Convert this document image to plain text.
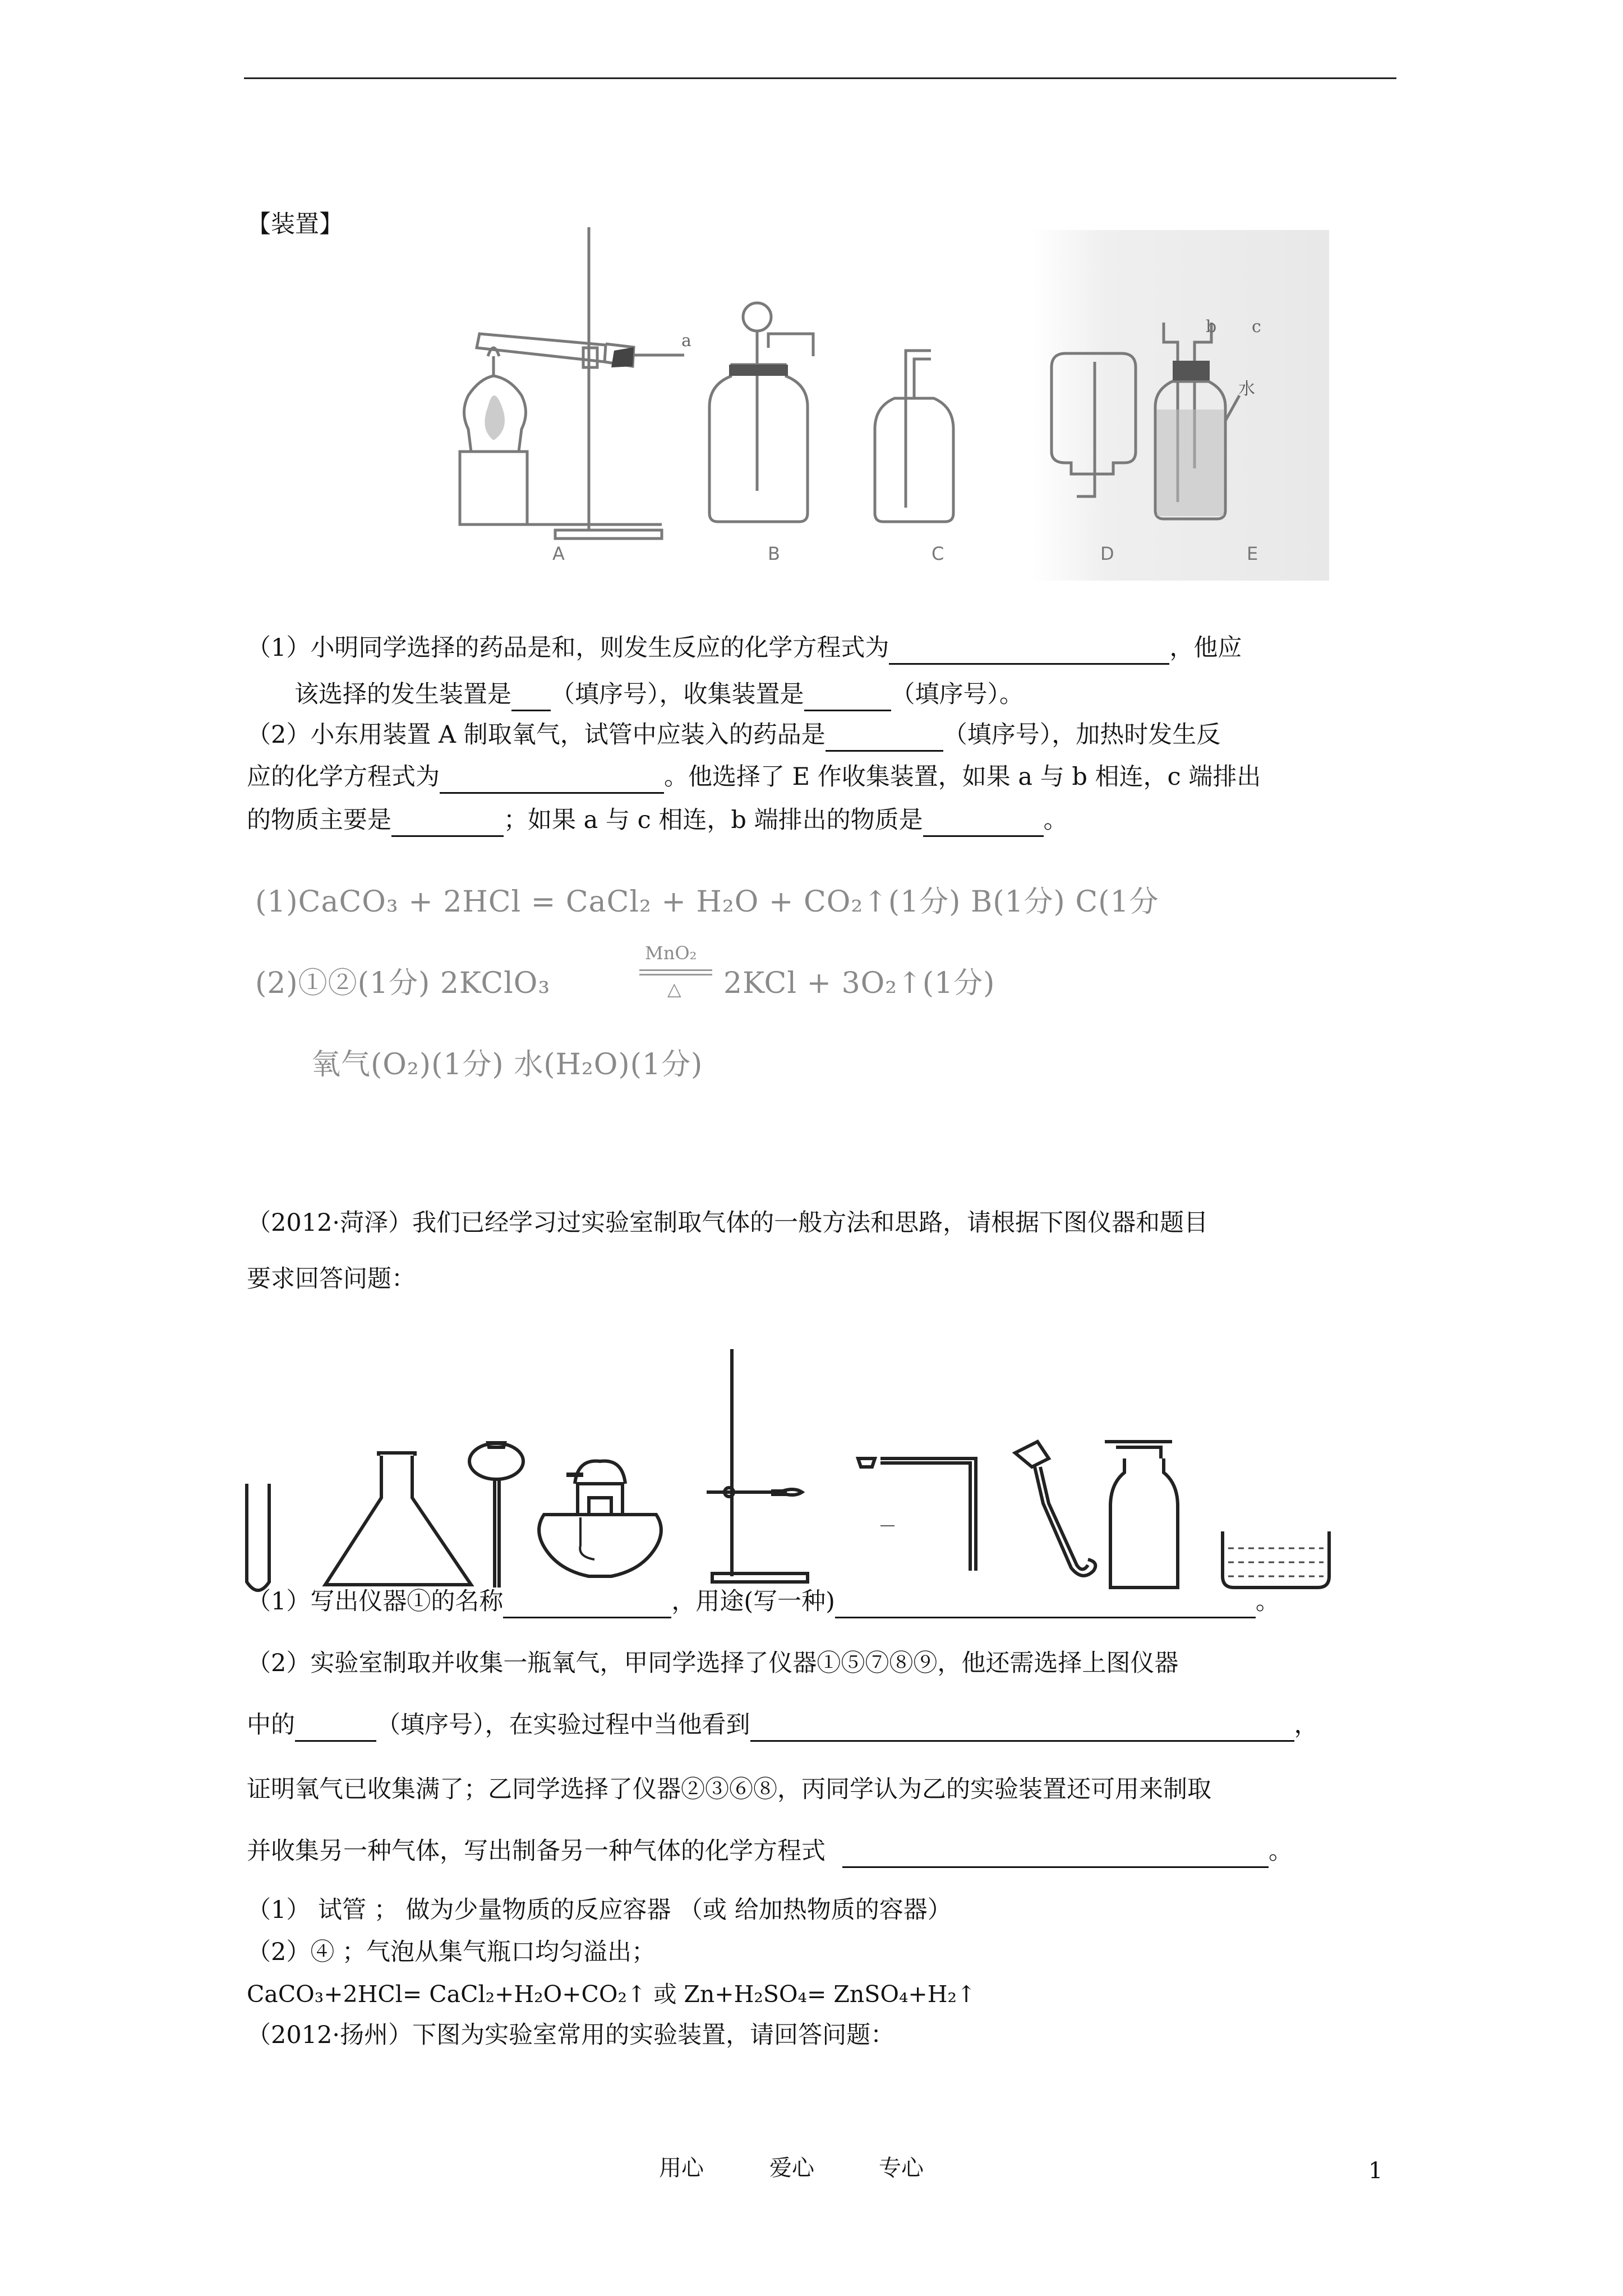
【装置】
a
b c
水
A	B	C	D	E
（1）小明同学选择的药品是和，则发生反应的化学方程式为	，他应
该选择的发生装置是 （填序号），收集装置是	（填序号）。
（2）小东用装置 A 制取氧气，试管中应装入的药品是	（填序号），加热时发生反
应的化学方程式为	。他选择了 E 作收集装置，如果 a 与 b 相连，c 端排出
的物质主要是	；如果 a 与 c 相连，b 端排出的物质是	。
(1)CaCO₃ + 2HCl = CaCl₂ + H₂O + CO₂↑(1分) B(1分) C(1分
(2)①②(1分) 2KClO₃
MnO₂
△ 2KCl + 3O₂↑(1分)
氧气(O₂)(1分) 水(H₂O)(1分)
（2012·菏泽）我们已经学习过实验室制取气体的一般方法和思路，请根据下图仪器和题目
要求回答问题：
（1）写出仪器①的名称	，用途(写一种)	。
（2）实验室制取并收集一瓶氧气，甲同学选择了仪器①⑤⑦⑧⑨，他还需选择上图仪器
中的	（填序号），在实验过程中当他看到	，
证明氧气已收集满了；乙同学选择了仪器②③⑥⑧，丙同学认为乙的实验装置还可用来制取
并收集另一种气体，写出制备另一种气体的化学方程式	。
（1） 试管 ； 做为少量物质的反应容器 （或 给加热物质的容器）
（2）④ ；气泡从集气瓶口均匀溢出；
CaCO₃+2HCl= CaCl₂+H₂O+CO₂↑ 或 Zn+H₂SO₄= ZnSO₄+H₂↑
（2012·扬州）下图为实验室常用的实验装置，请回答问题：
用心	爱心	专心	1
